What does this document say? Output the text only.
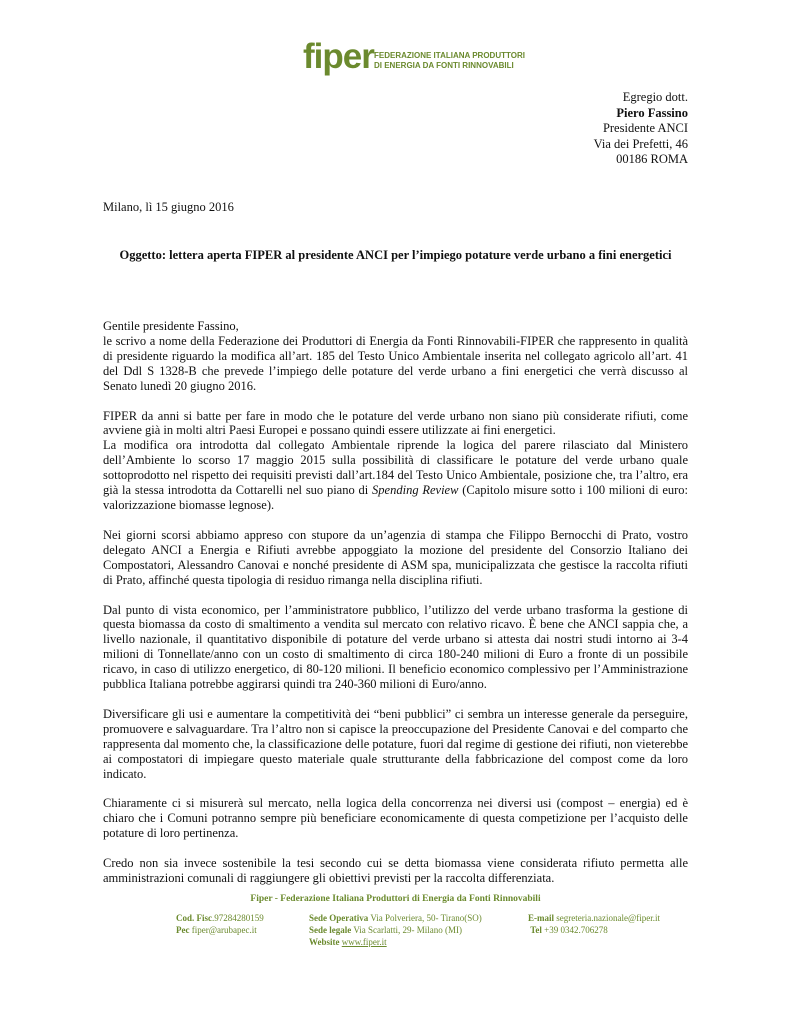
fiper FEDERAZIONE ITALIANA PRODUTTORI
DI ENERGIA DA FONTI RINNOVABILI
Egregio dott.
Piero Fassino
Presidente ANCI
Via dei Prefetti, 46
00186 ROMA
Milano, lì 15 giugno 2016
Oggetto: lettera aperta FIPER al presidente ANCI per l’impiego potature verde urbano a fini energetici

Gentile presidente Fassino,

le scrivo a nome della Federazione dei Produttori di Energia da Fonti Rinnovabili-FIPER che rappresento in qualità di presidente riguardo la modifica all’art. 185 del Testo Unico Ambientale inserita nel collegato agricolo all’art. 41 del Ddl S 1328-B che prevede l’impiego delle potature del verde urbano a fini energetici che verrà discusso al Senato lunedì 20 giugno 2016.

FIPER da anni si batte per fare in modo che le potature del verde urbano non siano più considerate rifiuti, come avviene già in molti altri Paesi Europei e possano quindi essere utilizzate ai fini energetici.

La modifica ora introdotta dal collegato Ambientale riprende la logica del parere rilasciato dal Ministero dell’Ambiente lo scorso 17 maggio 2015 sulla possibilità di classificare le potature del verde urbano quale sottoprodotto nel rispetto dei requisiti previsti dall’art.184 del Testo Unico Ambientale, posizione che, tra l’altro, era già la stessa introdotta da Cottarelli nel suo piano di Spending Review (Capitolo misure sotto i 100 milioni di euro: valorizzazione biomasse legnose).

Nei giorni scorsi abbiamo appreso con stupore da un’agenzia di stampa che Filippo Bernocchi di Prato, vostro delegato ANCI a Energia e Rifiuti avrebbe appoggiato la mozione del presidente del Consorzio Italiano dei Compostatori, Alessandro Canovai e nonché presidente di ASM spa, municipalizzata che gestisce la raccolta rifiuti di Prato, affinché questa tipologia di residuo rimanga nella disciplina rifiuti.

Dal punto di vista economico, per l’amministratore pubblico, l’utilizzo del verde urbano trasforma la gestione di questa biomassa da costo di smaltimento a vendita sul mercato con relativo ricavo. È bene che ANCI sappia che, a livello nazionale, il quantitativo disponibile di potature del verde urbano si attesta dai nostri studi intorno ai 3-4 milioni di Tonnellate/anno con un costo di smaltimento di circa 180-240 milioni di Euro a fronte di un possibile ricavo, in caso di utilizzo energetico, di 80-120 milioni. Il beneficio economico complessivo per l’Amministrazione pubblica Italiana potrebbe aggirarsi quindi tra 240-360 milioni di Euro/anno.

Diversificare gli usi e aumentare la competitività dei “beni pubblici” ci sembra un interesse generale da perseguire, promuovere e salvaguardare. Tra l’altro non si capisce la preoccupazione del Presidente Canovai e del comparto che rappresenta dal momento che, la classificazione delle potature, fuori dal regime di gestione dei rifiuti, non vieterebbe ai compostatori di impiegare questo materiale quale strutturante della fabbricazione del compost come da loro indicato.

Chiaramente ci si misurerà sul mercato, nella logica della concorrenza nei diversi usi (compost – energia) ed è chiaro che i Comuni potranno sempre più beneficiare economicamente di questa competizione per l’acquisto delle potature di loro pertinenza.

Credo non sia invece sostenibile la tesi secondo cui se detta biomassa viene considerata rifiuto permetta alle amministrazioni comunali di raggiungere gli obiettivi previsti per la raccolta differenziata.

Fiper - Federazione Italiana Produttori di Energia da Fonti Rinnovabili
Cod. Fisc.97284280159
Pec fiper@arubapec.it
Sede Operativa Via Polveriera, 50- Tirano(SO)
Sede legale Via Scarlatti, 29- Milano (MI)
Website www.fiper.it
E-mail segreteria.nazionale@fiper.it
Tel +39 0342.706278
